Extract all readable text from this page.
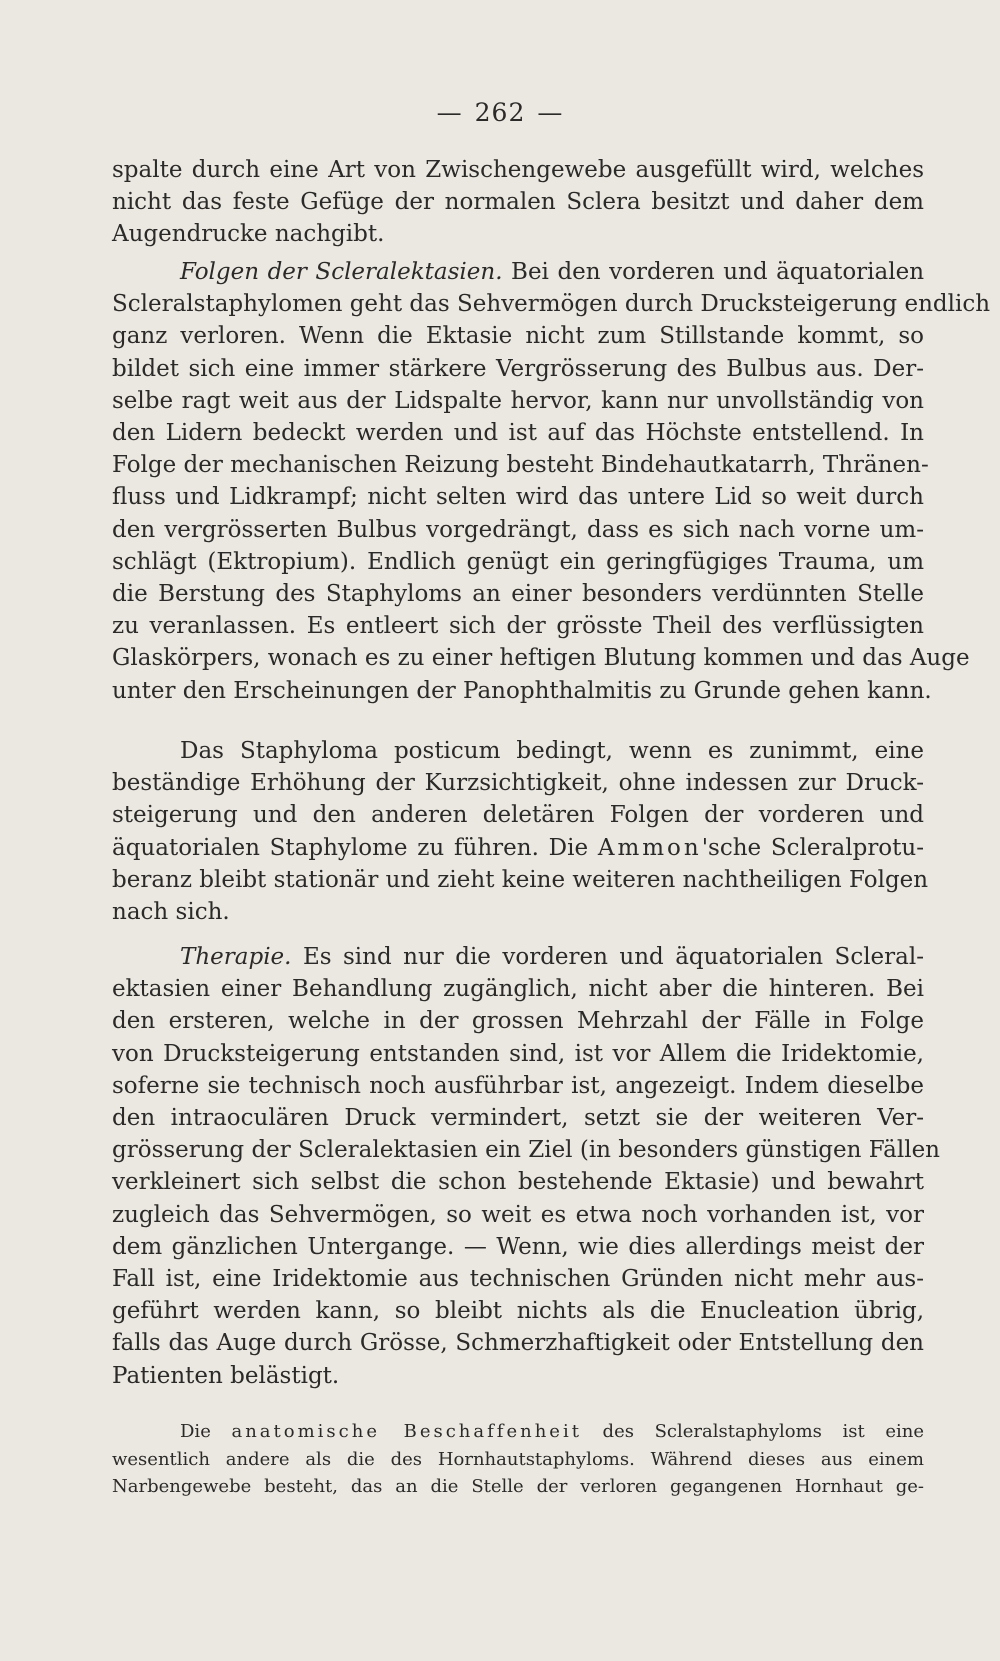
— 262 —
spalte durch eine Art von Zwischengewebe ausgefüllt wird, welches
nicht das feste Gefüge der normalen Sclera besitzt und daher dem
Augendrucke nachgibt.
Folgen der Scleralektasien. Bei den vorderen und äquatorialen
Scleralstaphylomen geht das Sehvermögen durch Drucksteigerung endlich
ganz verloren. Wenn die Ektasie nicht zum Stillstande kommt, so
bildet sich eine immer stärkere Vergrösserung des Bulbus aus. Der-
selbe ragt weit aus der Lidspalte hervor, kann nur unvollständig von
den Lidern bedeckt werden und ist auf das Höchste entstellend. In
Folge der mechanischen Reizung besteht Bindehautkatarrh, Thränen-
fluss und Lidkrampf; nicht selten wird das untere Lid so weit durch
den vergrösserten Bulbus vorgedrängt, dass es sich nach vorne um-
schlägt (Ektropium). Endlich genügt ein geringfügiges Trauma, um
die Berstung des Staphyloms an einer besonders verdünnten Stelle
zu veranlassen. Es entleert sich der grösste Theil des verflüssigten
Glaskörpers, wonach es zu einer heftigen Blutung kommen und das Auge
unter den Erscheinungen der Panophthalmitis zu Grunde gehen kann.
Das Staphyloma posticum bedingt, wenn es zunimmt, eine
beständige Erhöhung der Kurzsichtigkeit, ohne indessen zur Druck-
steigerung und den anderen deletären Folgen der vorderen und
äquatorialen Staphylome zu führen. Die Ammon'sche Scleralprotu-
beranz bleibt stationär und zieht keine weiteren nachtheiligen Folgen
nach sich.
Therapie. Es sind nur die vorderen und äquatorialen Scleral-
ektasien einer Behandlung zugänglich, nicht aber die hinteren. Bei
den ersteren, welche in der grossen Mehrzahl der Fälle in Folge
von Drucksteigerung entstanden sind, ist vor Allem die Iridektomie,
soferne sie technisch noch ausführbar ist, angezeigt. Indem dieselbe
den intraoculären Druck vermindert, setzt sie der weiteren Ver-
grösserung der Scleralektasien ein Ziel (in besonders günstigen Fällen
verkleinert sich selbst die schon bestehende Ektasie) und bewahrt
zugleich das Sehvermögen, so weit es etwa noch vorhanden ist, vor
dem gänzlichen Untergange. — Wenn, wie dies allerdings meist der
Fall ist, eine Iridektomie aus technischen Gründen nicht mehr aus-
geführt werden kann, so bleibt nichts als die Enucleation übrig,
falls das Auge durch Grösse, Schmerzhaftigkeit oder Entstellung den
Patienten belästigt.
Die anatomische Beschaffenheit des Scleralstaphyloms ist eine
wesentlich andere als die des Hornhautstaphyloms. Während dieses aus einem
Narbengewebe besteht, das an die Stelle der verloren gegangenen Hornhaut ge-
